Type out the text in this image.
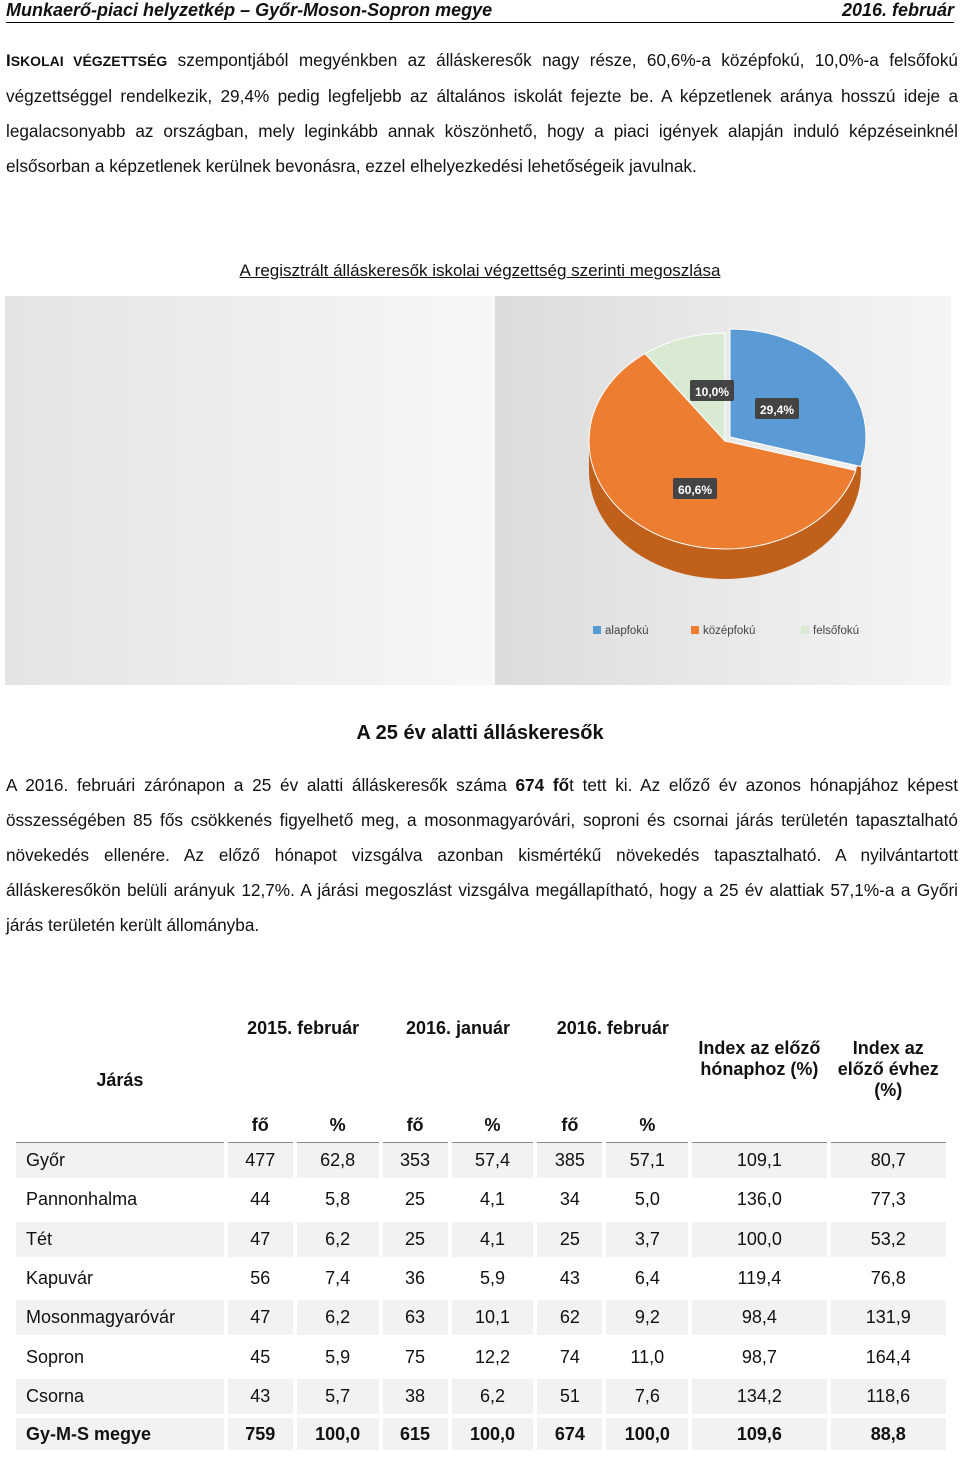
Munkaerő-piaci helyzetkép – Győr-Moson-Sopron megye	2016. február
ISKOLAI VÉGZETTSÉG szempontjából megyénkben az álláskeresők nagy része, 60,6%-a középfokú, 10,0%-a felsőfokú végzettséggel rendelkezik, 29,4% pedig legfeljebb az általános iskolát fejezte be. A képzetlenek aránya hosszú ideje a legalacsonyabb az országban, mely leginkább annak köszönhető, hogy a piaci igények alapján induló képzéseinknél elsősorban a képzetlenek kerülnek bevonásra, ezzel elhelyezkedési lehetőségeik javulnak.
A regisztrált álláskeresők iskolai végzettség szerinti megoszlása
29,4%
60,6%
10,0%
alapfokú	középfokú	felsőfokú
A 25 év alatti álláskeresők
A 2016. februári zárónapon a 25 év alatti álláskeresők száma 674 főt tett ki. Az előző év azonos hónapjához képest összességében 85 fős csökkenés figyelhető meg, a mosonmagyaróvári, soproni és csornai járás területén tapasztalható növekedés ellenére. Az előző hónapot vizsgálva azonban kismértékű növekedés tapasztalható. A nyilvántartott álláskeresőkön belüli arányuk 12,7%. A járási megoszlást vizsgálva megállapítható, hogy a 25 év alattiak 57,1%-a a Győri járás területén került állományba.
Járás	2015. február		2016. január		2016. február		Index az előző hónaphoz (%)	Index az előző évhez (%)
	fő	%	fő	%	fő	%		
Győr	477	62,8	353	57,4	385	57,1	109,1	80,7
Pannonhalma	44	5,8	25	4,1	34	5,0	136,0	77,3
Tét	47	6,2	25	4,1	25	3,7	100,0	53,2
Kapuvár	56	7,4	36	5,9	43	6,4	119,4	76,8
Mosonmagyaróvár	47	6,2	63	10,1	62	9,2	98,4	131,9
Sopron	45	5,9	75	12,2	74	11,0	98,7	164,4
Csorna	43	5,7	38	6,2	51	7,6	134,2	118,6
Gy-M-S megye	759	100,0	615	100,0	674	100,0	109,6	88,8
